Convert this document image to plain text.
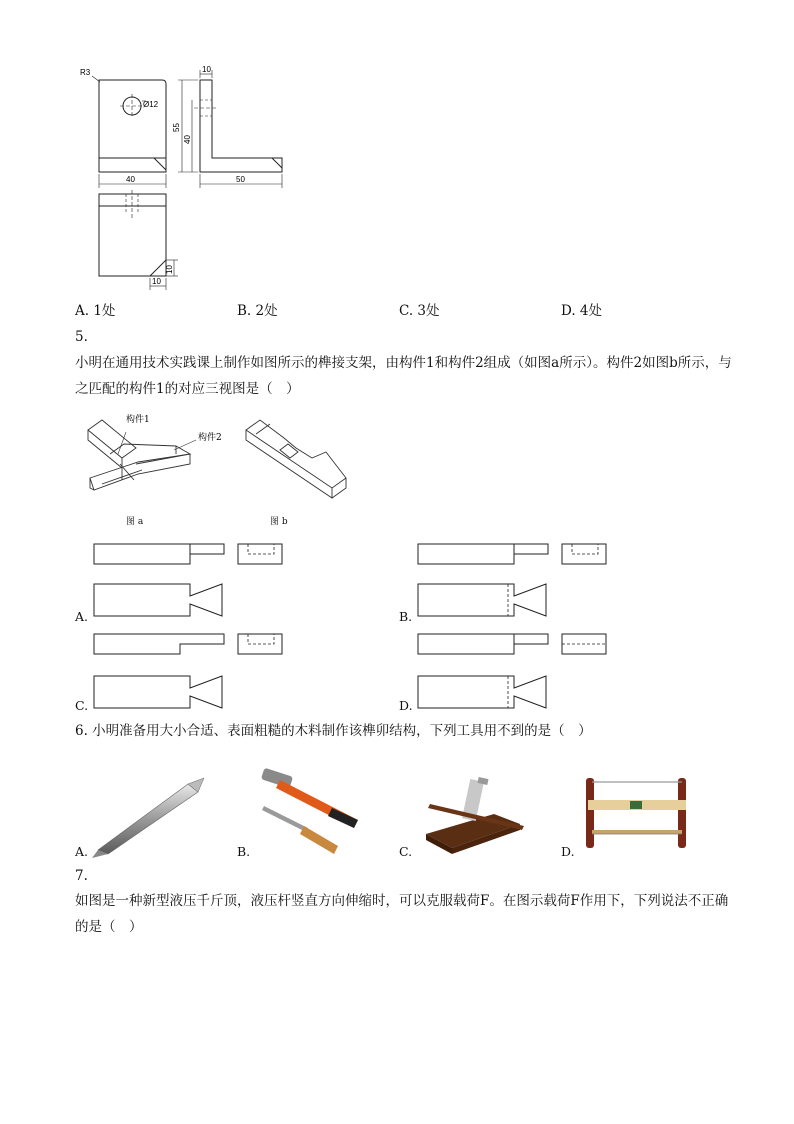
R3
Ø12
40
10
55
40
50
10
10
A. 1处	B. 2处	C. 3处	D. 4处
5.
小明在通用技术实践课上制作如图所示的榫接支架，由构件1和构件2组成（如图a所示）。构件2如图b所示，与之匹配的构件1的对应三视图是（　）
构件1
构件2
图 a	图 b
A.	B.
C.	D.
6. 小明准备用大小合适、表面粗糙的木料制作该榫卯结构，下列工具用不到的是（　）
A.	B.	C.	D.
7.
如图是一种新型液压千斤顶，液压杆竖直方向伸缩时，可以克服载荷F。在图示载荷F作用下，下列说法不正确的是（　）
